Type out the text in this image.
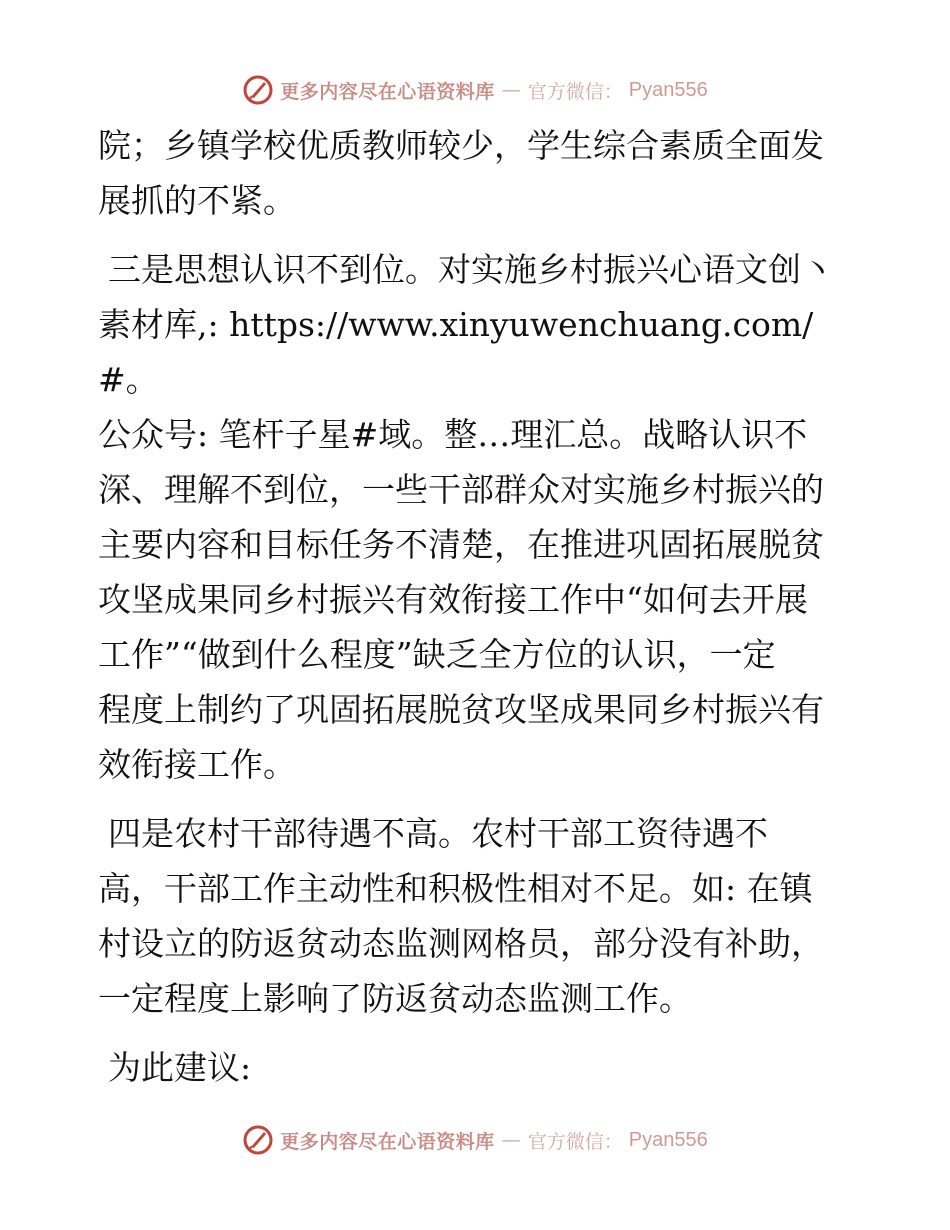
更多内容尽在心语资料库 — 官方微信： Pyan556
院；乡镇学校优质教师较少，学生综合素质全面发
展抓的不紧。
三是思想认识不到位。对实施乡村振兴心语文创丶
素材库,: https://www.xinyuwenchuang.com/#。
公众号: 笔杆子星#域。整…理汇总。战略认识不
深、理解不到位，一些干部群众对实施乡村振兴的
主要内容和目标任务不清楚，在推进巩固拓展脱贫
攻坚成果同乡村振兴有效衔接工作中“如何去开展
工作”“做到什么程度”缺乏全方位的认识，一定
程度上制约了巩固拓展脱贫攻坚成果同乡村振兴有
效衔接工作。
四是农村干部待遇不高。农村干部工资待遇不
高，干部工作主动性和积极性相对不足。如: 在镇
村设立的防返贫动态监测网格员，部分没有补助，
一定程度上影响了防返贫动态监测工作。
为此建议:
更多内容尽在心语资料库 — 官方微信： Pyan556
